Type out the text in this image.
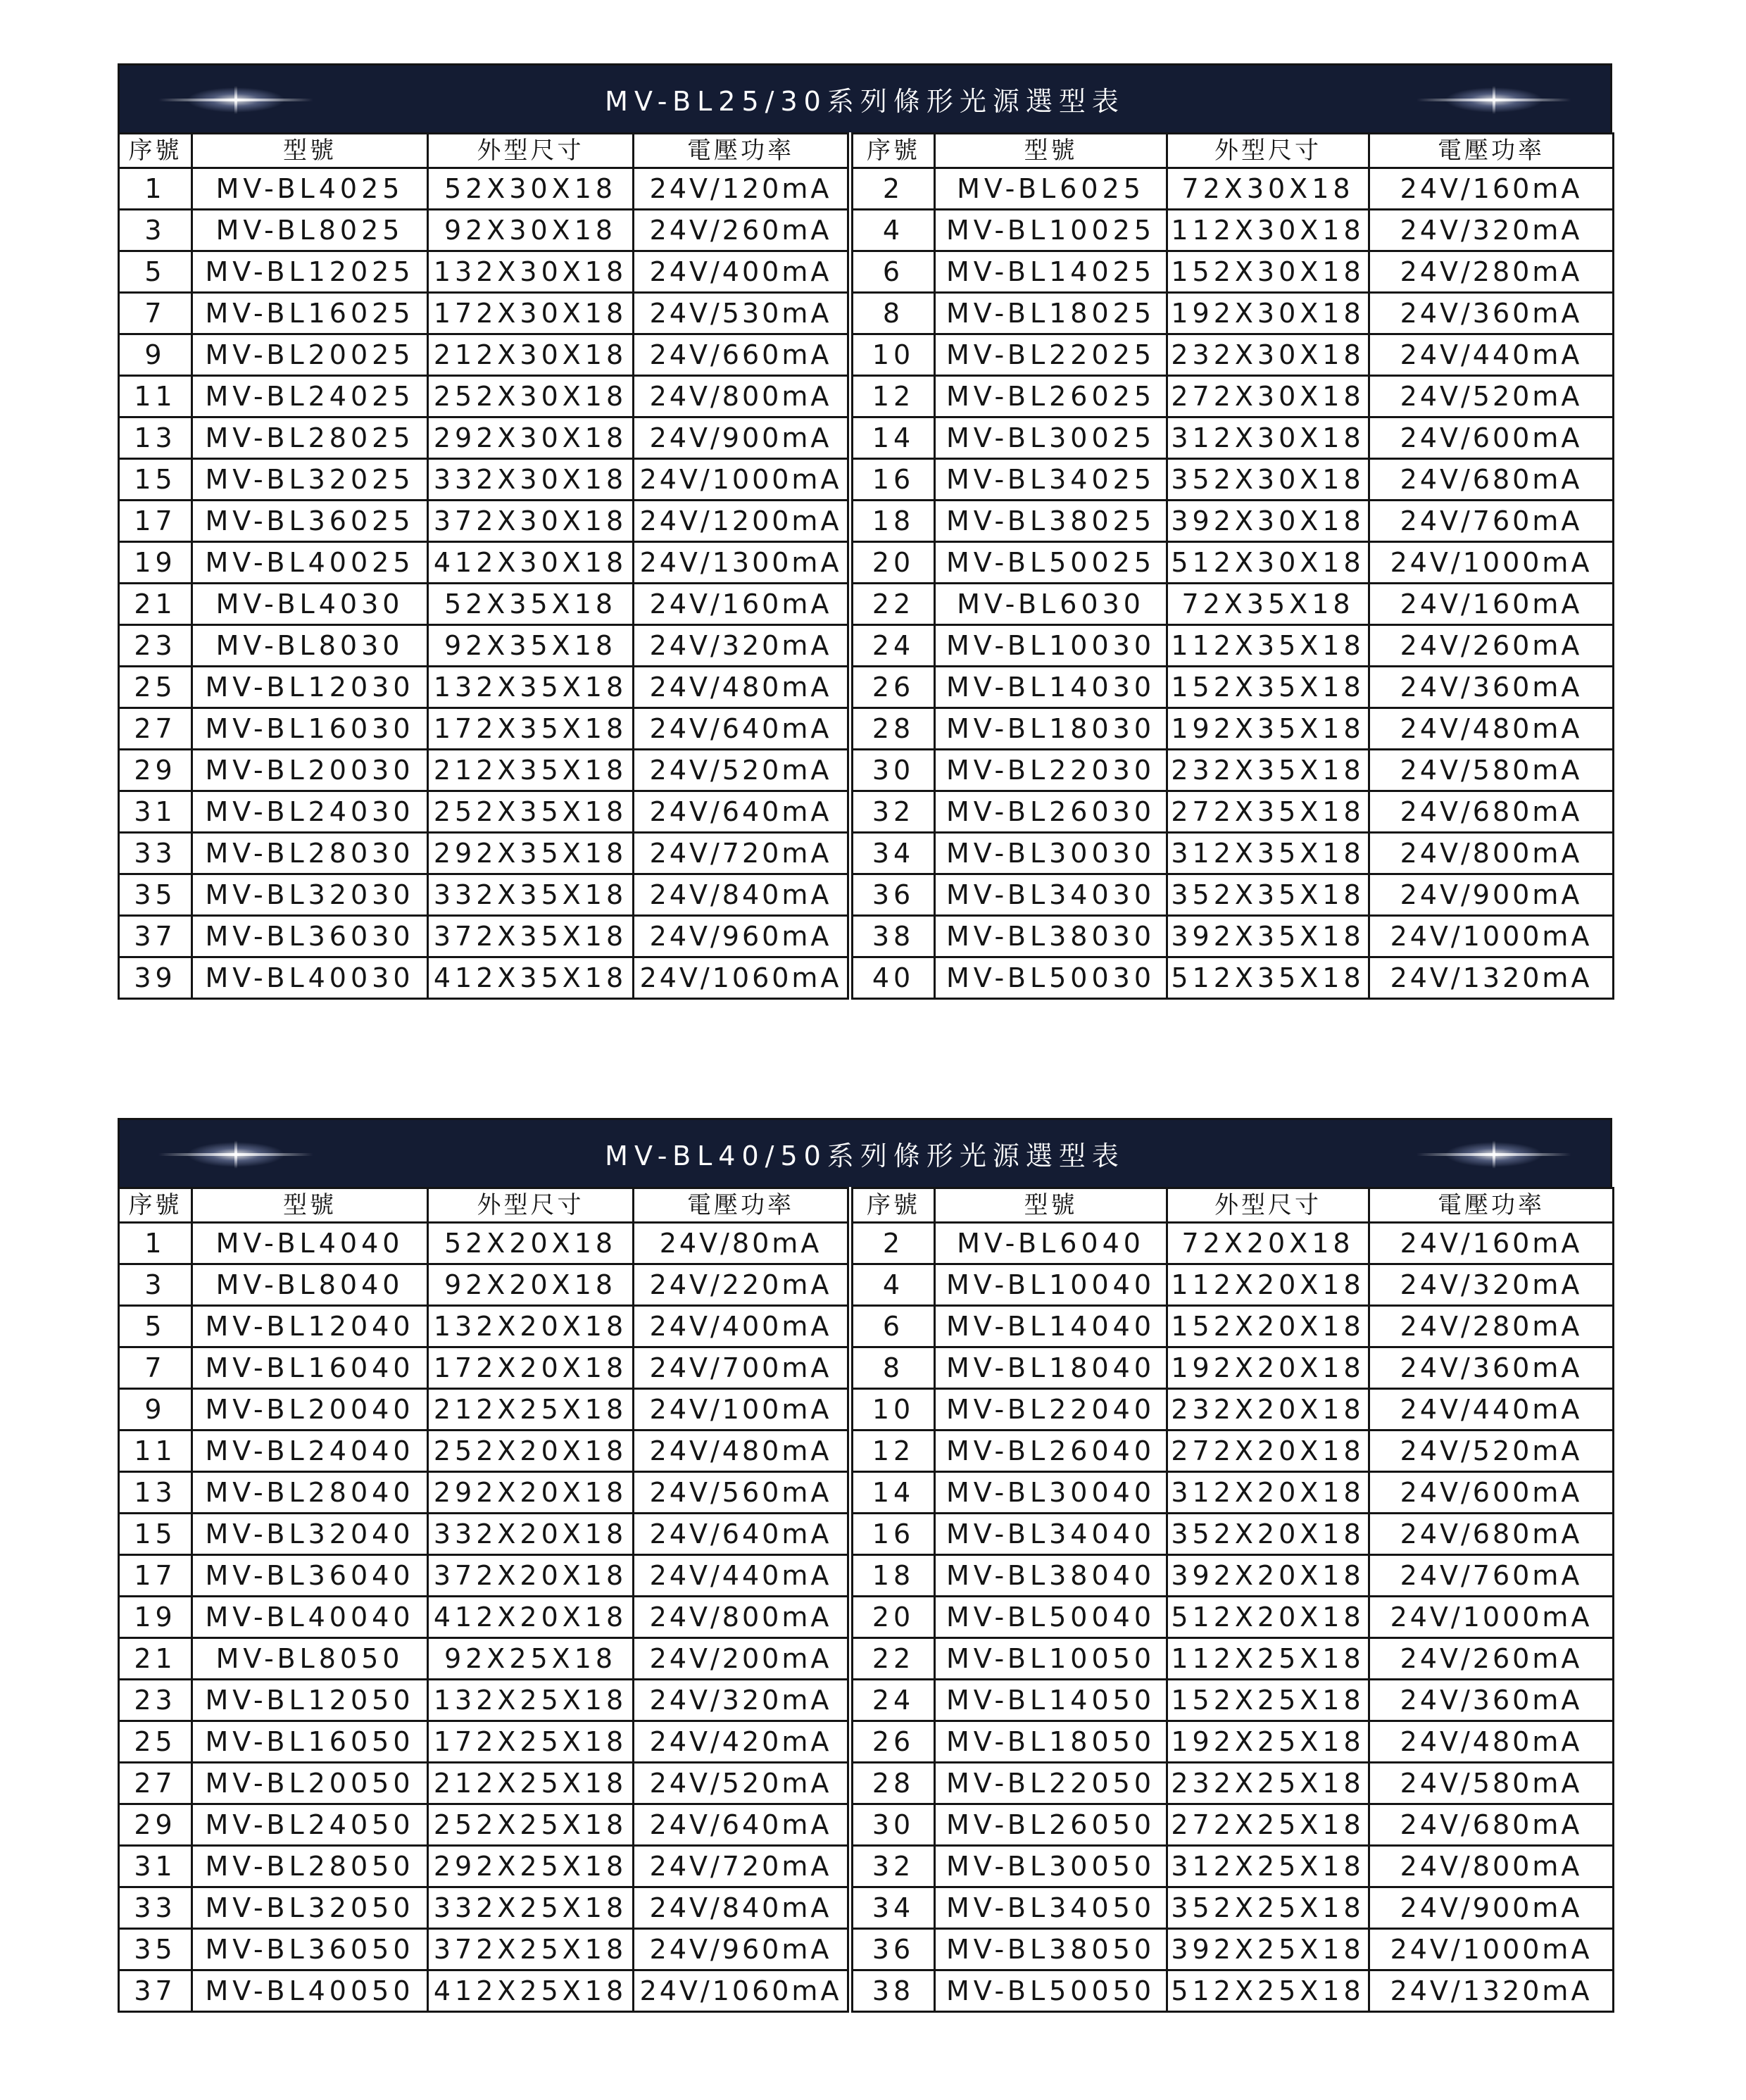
MV-BL25/30系列條形光源選型表
序號	型號	外型尺寸	電壓功率	序號	型號	外型尺寸	電壓功率
1	MV-BL4025	52X30X18	24V/120mA	2	MV-BL6025	72X30X18	24V/160mA
3	MV-BL8025	92X30X18	24V/260mA	4	MV-BL10025	112X30X18	24V/320mA
5	MV-BL12025	132X30X18	24V/400mA	6	MV-BL14025	152X30X18	24V/280mA
7	MV-BL16025	172X30X18	24V/530mA	8	MV-BL18025	192X30X18	24V/360mA
9	MV-BL20025	212X30X18	24V/660mA	10	MV-BL22025	232X30X18	24V/440mA
11	MV-BL24025	252X30X18	24V/800mA	12	MV-BL26025	272X30X18	24V/520mA
13	MV-BL28025	292X30X18	24V/900mA	14	MV-BL30025	312X30X18	24V/600mA
15	MV-BL32025	332X30X18	24V/1000mA	16	MV-BL34025	352X30X18	24V/680mA
17	MV-BL36025	372X30X18	24V/1200mA	18	MV-BL38025	392X30X18	24V/760mA
19	MV-BL40025	412X30X18	24V/1300mA	20	MV-BL50025	512X30X18	24V/1000mA
21	MV-BL4030	52X35X18	24V/160mA	22	MV-BL6030	72X35X18	24V/160mA
23	MV-BL8030	92X35X18	24V/320mA	24	MV-BL10030	112X35X18	24V/260mA
25	MV-BL12030	132X35X18	24V/480mA	26	MV-BL14030	152X35X18	24V/360mA
27	MV-BL16030	172X35X18	24V/640mA	28	MV-BL18030	192X35X18	24V/480mA
29	MV-BL20030	212X35X18	24V/520mA	30	MV-BL22030	232X35X18	24V/580mA
31	MV-BL24030	252X35X18	24V/640mA	32	MV-BL26030	272X35X18	24V/680mA
33	MV-BL28030	292X35X18	24V/720mA	34	MV-BL30030	312X35X18	24V/800mA
35	MV-BL32030	332X35X18	24V/840mA	36	MV-BL34030	352X35X18	24V/900mA
37	MV-BL36030	372X35X18	24V/960mA	38	MV-BL38030	392X35X18	24V/1000mA
39	MV-BL40030	412X35X18	24V/1060mA	40	MV-BL50030	512X35X18	24V/1320mA
MV-BL40/50系列條形光源選型表
序號	型號	外型尺寸	電壓功率	序號	型號	外型尺寸	電壓功率
1	MV-BL4040	52X20X18	24V/80mA	2	MV-BL6040	72X20X18	24V/160mA
3	MV-BL8040	92X20X18	24V/220mA	4	MV-BL10040	112X20X18	24V/320mA
5	MV-BL12040	132X20X18	24V/400mA	6	MV-BL14040	152X20X18	24V/280mA
7	MV-BL16040	172X20X18	24V/700mA	8	MV-BL18040	192X20X18	24V/360mA
9	MV-BL20040	212X25X18	24V/100mA	10	MV-BL22040	232X20X18	24V/440mA
11	MV-BL24040	252X20X18	24V/480mA	12	MV-BL26040	272X20X18	24V/520mA
13	MV-BL28040	292X20X18	24V/560mA	14	MV-BL30040	312X20X18	24V/600mA
15	MV-BL32040	332X20X18	24V/640mA	16	MV-BL34040	352X20X18	24V/680mA
17	MV-BL36040	372X20X18	24V/440mA	18	MV-BL38040	392X20X18	24V/760mA
19	MV-BL40040	412X20X18	24V/800mA	20	MV-BL50040	512X20X18	24V/1000mA
21	MV-BL8050	92X25X18	24V/200mA	22	MV-BL10050	112X25X18	24V/260mA
23	MV-BL12050	132X25X18	24V/320mA	24	MV-BL14050	152X25X18	24V/360mA
25	MV-BL16050	172X25X18	24V/420mA	26	MV-BL18050	192X25X18	24V/480mA
27	MV-BL20050	212X25X18	24V/520mA	28	MV-BL22050	232X25X18	24V/580mA
29	MV-BL24050	252X25X18	24V/640mA	30	MV-BL26050	272X25X18	24V/680mA
31	MV-BL28050	292X25X18	24V/720mA	32	MV-BL30050	312X25X18	24V/800mA
33	MV-BL32050	332X25X18	24V/840mA	34	MV-BL34050	352X25X18	24V/900mA
35	MV-BL36050	372X25X18	24V/960mA	36	MV-BL38050	392X25X18	24V/1000mA
37	MV-BL40050	412X25X18	24V/1060mA	38	MV-BL50050	512X25X18	24V/1320mA
